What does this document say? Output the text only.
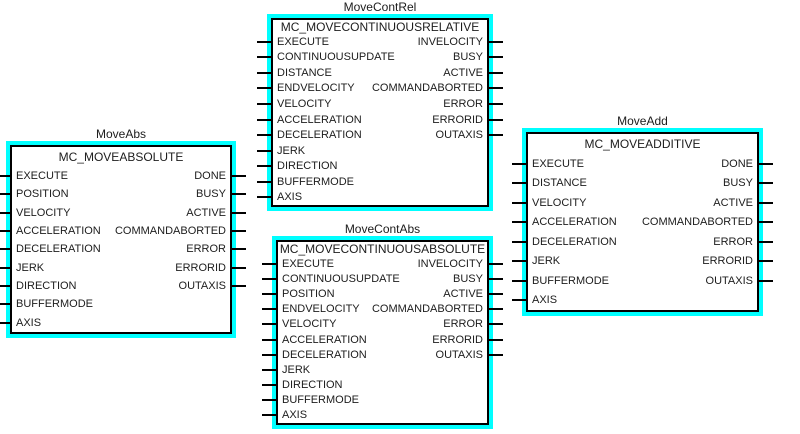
MoveAbs
MC_MOVEABSOLUTE
EXECUTE	DONE
POSITION	BUSY
VELOCITY	ACTIVE
ACCELERATION COMMANDABORTED
DECELERATION	ERROR
JERK	ERRORID
DIRECTION	OUTAXIS
BUFFERMODE
AXIS
MoveContRel
MC_MOVECONTINUOUSRELATIVE
EXECUTE	INVELOCITY
CONTINUOUSUPDATE	BUSY
DISTANCE	ACTIVE
ENDVELOCITY COMMANDABORTED
VELOCITY	ERROR
ACCELERATION	ERRORID
DECELERATION	OUTAXIS
JERK
DIRECTION
BUFFERMODE
AXIS
MoveContAbs
MC_MOVECONTINUOUSABSOLUTE
EXECUTE	INVELOCITY
CONTINUOUSUPDATE	BUSY
POSITION	ACTIVE
ENDVELOCITY COMMANDABORTED
VELOCITY	ERROR
ACCELERATION	ERRORID
DECELERATION	OUTAXIS
JERK
DIRECTION
BUFFERMODE
AXIS
MoveAdd
MC_MOVEADDITIVE
EXECUTE	DONE
DISTANCE	BUSY
VELOCITY	ACTIVE
ACCELERATION COMMANDABORTED
DECELERATION	ERROR
JERK	ERRORID
BUFFERMODE	OUTAXIS
AXIS
